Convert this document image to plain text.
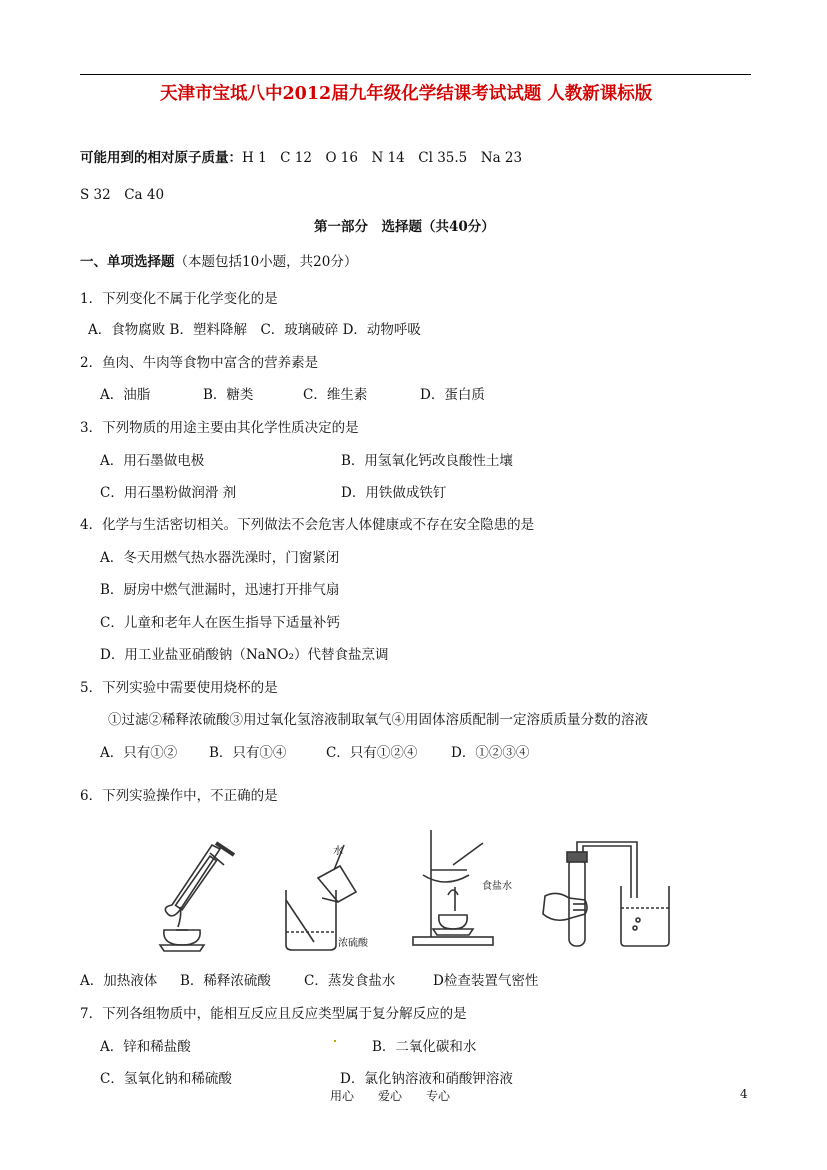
天津市宝坻八中2012届九年级化学结课考试试题 人教新课标版
可能用到的相对原子质量：H 1　C 12　O 16　N 14　Cl 35.5　Na 23
S 32　Ca 40
第一部分　选择题（共40分）
一、单项选择题（本题包括10小题，共20分）
1．下列变化不属于化学变化的是
A．食物腐败 B．塑料降解　C．玻璃破碎 D．动物呼吸
2．鱼肉、牛肉等食物中富含的营养素是
A．油脂	B．糖类	C．维生素	D．蛋白质
3．下列物质的用途主要由其化学性质决定的是
A．用石墨做电极	B．用氢氧化钙改良酸性土壤
C．用石墨粉做润滑 剂	D．用铁做成铁钉
4．化学与生活密切相关。下列做法不会危害人体健康或不存在安全隐患的是
A．冬天用燃气热水器洗澡时，门窗紧闭
B．厨房中燃气泄漏时，迅速打开排气扇
C．儿童和老年人在医生指导下适量补钙
D．用工业盐亚硝酸钠（NaNO₂）代替食盐烹调
5．下列实验中需要使用烧杯的是
①过滤②稀释浓硫酸③用过氧化氢溶液制取氧气④用固体溶质配制一定溶质质量分数的溶液
A．只有①② B．只有①④	C．只有①②④ D．①②③④
6．下列实验操作中，不正确的是
水
浓硫酸
食盐水
A．加热液体 B．稀释浓硫酸 C．蒸发食盐水	D检查装置气密性
7．下列各组物质中，能相互反应且反应类型属于复分解反应的是
A．锌和稀盐酸	B．二氧化碳和水
C．氢氧化钠和稀硫酸	D．氯化钠溶液和硝酸钾溶液
用心　　爱心　　专心	4
